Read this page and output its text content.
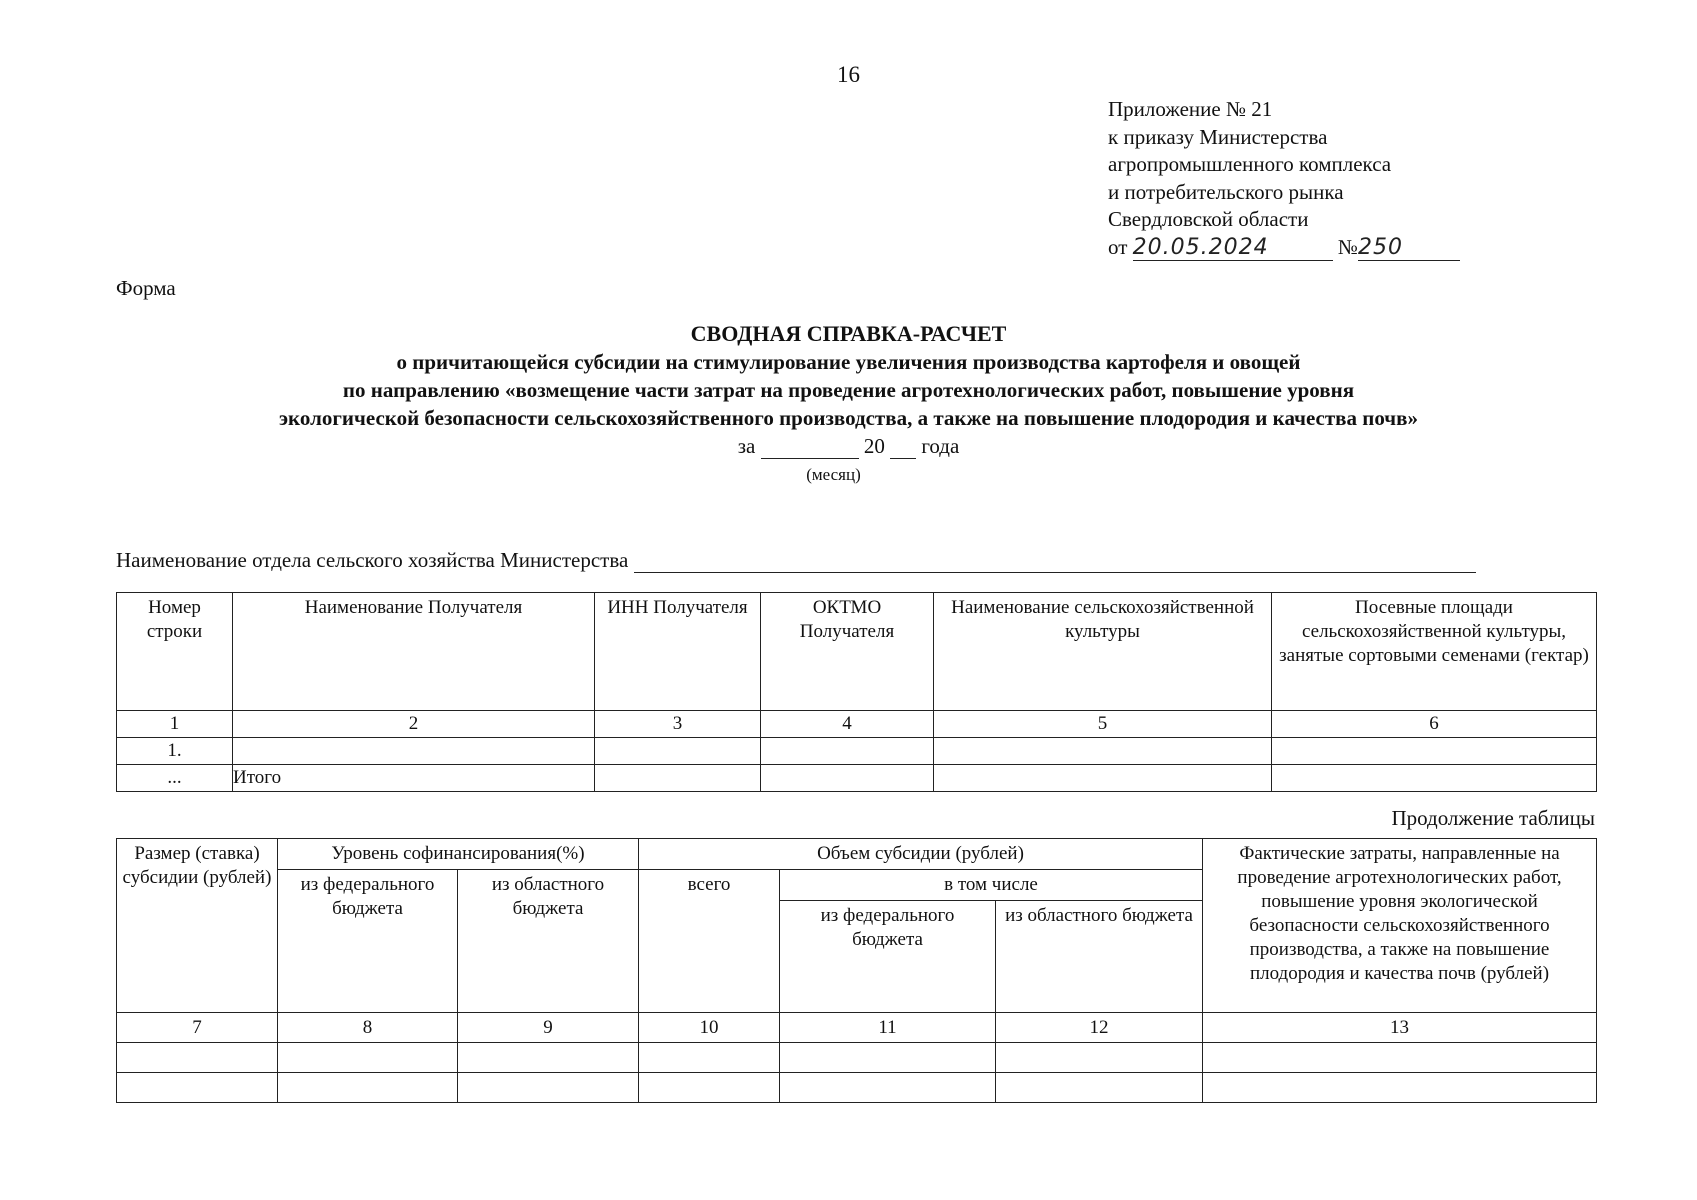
16
Приложение № 21
к приказу Министерства
агропромышленного комплекса
и потребительского рынка
Свердловской области
от 20.05.2024	№250
Форма
СВОДНАЯ СПРАВКА-РАСЧЕТ
о причитающейся субсидии на стимулирование увеличения производства картофеля и овощей
по направлению «возмещение части затрат на проведение агротехнологических работ, повышение уровня
экологической безопасности сельскохозяйственного производства, а также на повышение плодородия и качества почв»
за	20 года
(месяц)
Наименование отдела сельского хозяйства Министерства
Номер строки	Наименование Получателя	ИНН Получателя	ОКТМО Получателя	Наименование сельскохозяйственной культуры	Посевные площади сельскохозяйственной культуры, занятые сортовыми семенами (гектар)
1	2	3	4	5	6
1.					
...	Итого				
Продолжение таблицы
Размер (ставка) субсидии (рублей)	Уровень софинансирования(%)		Объем субсидии (рублей)			Фактические затраты, направленные на проведение агротехнологических работ, повышение уровня экологической безопасности сельскохозяйственного производства, а также на повышение плодородия и качества почв (рублей)
	из федерального бюджета	из областного бюджета	всего	в том числе		
				из федерального бюджета	из областного бюджета	
7	8	9	10	11	12	13
